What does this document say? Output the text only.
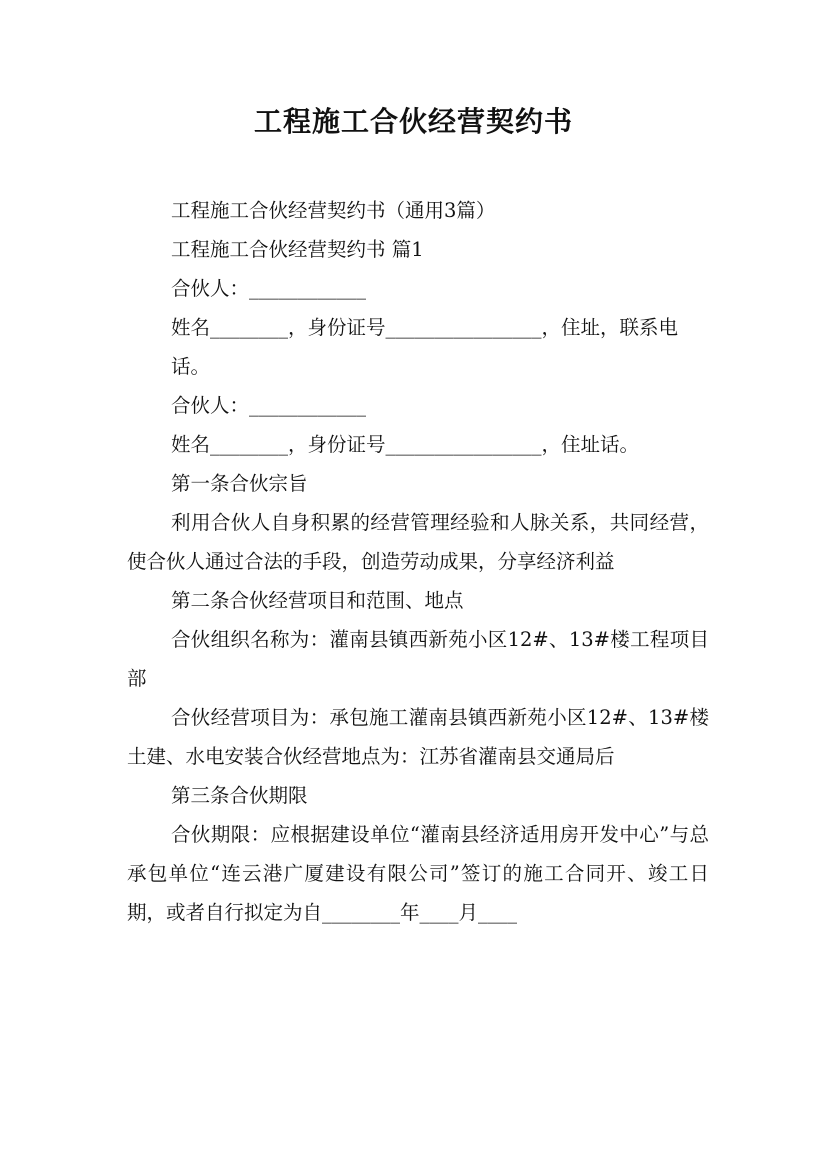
工程施工合伙经营契约书

工程施工合伙经营契约书（通用3篇）

工程施工合伙经营契约书 篇1

合伙人：____________

姓名________，身份证号________________，住址，联系电

话。

合伙人：____________

姓名________，身份证号________________，住址话。

第一条合伙宗旨

利用合伙人自身积累的经营管理经验和人脉关系，共同经营，使合伙人通过合法的手段，创造劳动成果，分享经济利益

第二条合伙经营项目和范围、地点

合伙组织名称为：灌南县镇西新苑小区12#、13#楼工程项目部

合伙经营项目为：承包施工灌南县镇西新苑小区12#、13#楼土建、水电安装合伙经营地点为：江苏省灌南县交通局后

第三条合伙期限

合伙期限：应根据建设单位“灌南县经济适用房开发中心”与总承包单位“连云港广厦建设有限公司”签订的施工合同开、竣工日期，或者自行拟定为自________年____月____
